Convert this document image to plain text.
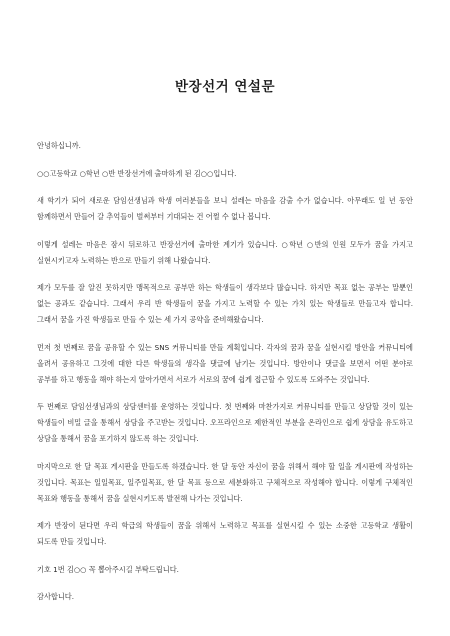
반장선거 연설문

안녕하십니까.

○○고등학교 ○학년 ○반 반장선거에 출마하게 된 김○○입니다.

새 학기가 되어 새로운 담임선생님과 학생 여러분들을 보니 설레는 마음을 감출 수가 없습니다. 아무래도 일 년 동안 함께하면서 만들어 갈 추억들이 벌써부터 기대되는 건 어쩔 수 없나 봅니다.

이렇게 설레는 마음은 잠시 뒤로하고 반장선거에 출마한 계기가 있습니다. ○학년 ○반의 인원 모두가 꿈을 가지고 실현시키고자 노력하는 반으로 만들기 위해 나왔습니다.

제가 모두를 잘 알진 못하지만 맹목적으로 공부만 하는 학생들이 생각보다 많습니다. 하지만 목표 없는 공부는 말뿐인 없는 공과도 같습니다. 그래서 우리 반 학생들이 꿈을 가지고 노력할 수 있는 가치 있는 학생들로 만들고자 합니다. 그래서 꿈을 가진 학생들로 만들 수 있는 세 가지 공약을 준비해왔습니다.

먼저 첫 번째로 꿈을 공유할 수 있는 SNS 커뮤니티를 만들 계획입니다. 각자의 꿈과 꿈을 실현시킬 방안을 커뮤니티에 올려서 공유하고 그것에 대한 다른 학생들의 생각을 댓글에 남기는 것입니다. 방안이나 댓글을 보면서 어떤 분야로 공부를 하고 행동을 해야 하는지 알아가면서 서로가 서로의 꿈에 쉽게 접근할 수 있도록 도와주는 것입니다.

두 번째로 담임선생님과의 상담센터를 운영하는 것입니다. 첫 번째와 마찬가지로 커뮤니티를 만들고 상담할 것이 있는 학생들이 비밀 글을 통해서 상담을 주고받는 것입니다. 오프라인으로 제한적인 부분을 온라인으로 쉽게 상담을 유도하고 상담을 통해서 꿈을 포기하지 않도록 하는 것입니다.

마지막으로 한 달 목표 게시판을 만들도록 하겠습니다. 한 달 동안 자신이 꿈을 위해서 해야 할 일을 게시판에 작성하는 것입니다. 목표는 일일목표, 일주일목표, 한 달 목표 등으로 세분화하고 구체적으로 작성해야 합니다. 이렇게 구체적인 목표와 행동을 통해서 꿈을 실현시키도록 발전해 나가는 것입니다.

제가 반장이 된다면 우리 학급의 학생들이 꿈을 위해서 노력하고 목표를 실현시킬 수 있는 소중한 고등학교 생활이 되도록 만들 것입니다.

기호 1번 김○○ 꼭 뽑아주시길 부탁드립니다.

감사합니다.
